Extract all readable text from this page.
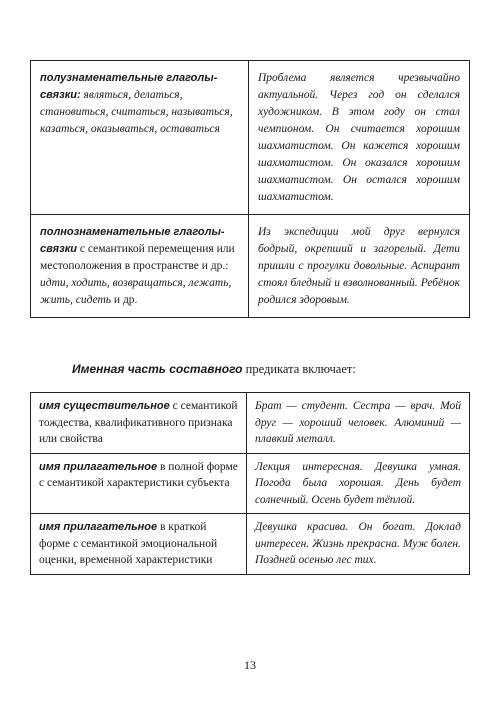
полузнаменательные глаголы-связки: являться, делаться, становиться, считаться, называться, казаться, оказываться, оставаться	Проблема является чрезвычайно актуальной. Через год он сделался художником. В этом году он стал чемпионом. Он считается хорошим шахматистом. Он кажется хорошим шахматистом. Он оказался хорошим шахматистом. Он остался хорошим шахматистом.
полнознаменательные глаголы-связки с семантикой перемещения или местоположения в пространстве и др.: идти, ходить, возвращаться, лежать, жить, сидеть и др.	Из экспедиции мой друг вернулся бодрый, окрепший и загорелый. Дети пришли с прогулки довольные. Аспирант стоял бледный и взволнованный. Ребёнок родился здоровым.
Именная часть составного предиката включает:
имя существительное с семантикой тождества, квалификативного признака или свойства	Брат — студент. Сестра — врач. Мой друг — хороший человек. Алюминий — плавкий металл.
имя прилагательное в полной форме с семантикой характеристики субъекта	Лекция интересная. Девушка умная. Погода была хорошая. День будет солнечный. Осень будет тёплой.
имя прилагательное в краткой форме с семантикой эмоциональной оценки, временной характеристики	Девушка красива. Он богат. Доклад интересен. Жизнь прекрасна. Муж болен. Поздней осенью лес тих.
13
